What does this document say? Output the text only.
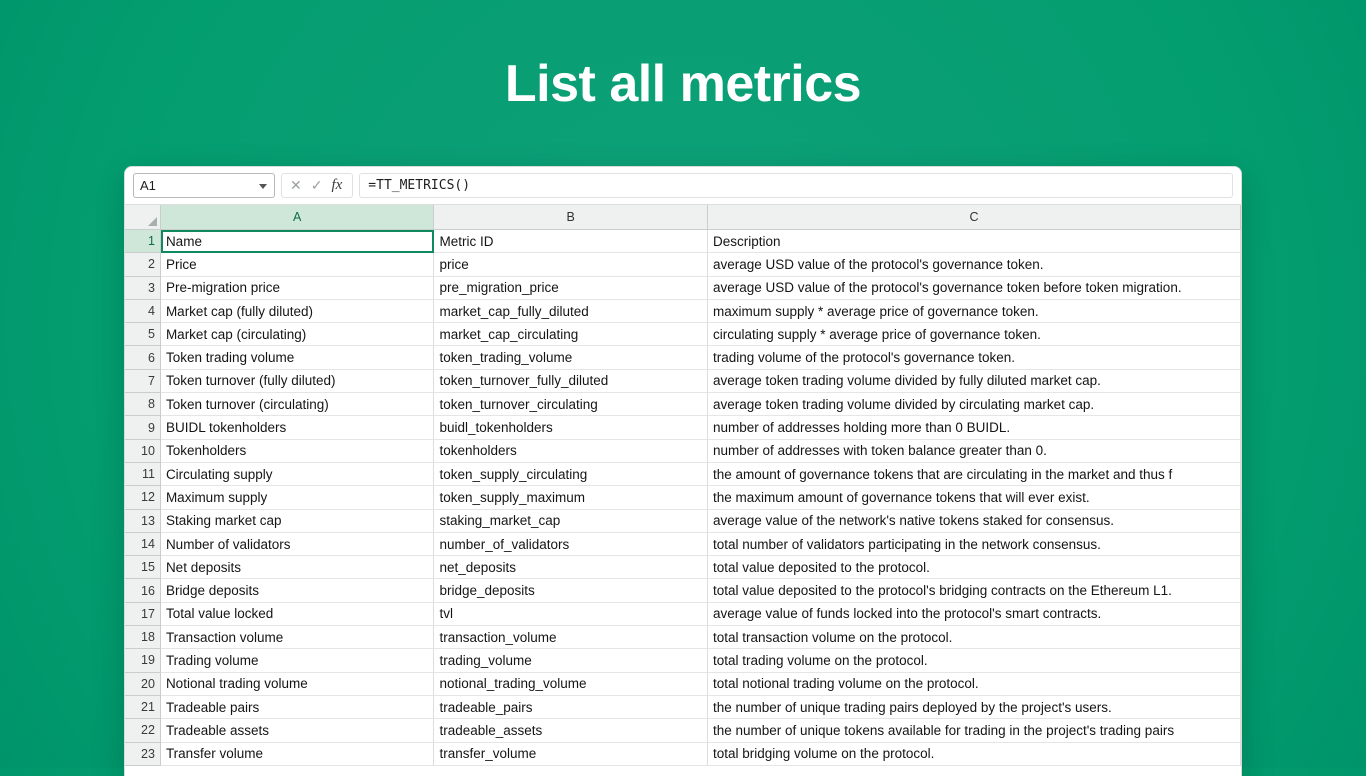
List all metrics
A1	✕ ✓ fx =TT_METRICS()
A	B	C
1 Name	Metric ID	Description
2 Price	price	average USD value of the protocol's governance token.
3 Pre-migration price	pre_migration_price	average USD value of the protocol's governance token before token migration.
4 Market cap (fully diluted)	market_cap_fully_diluted	maximum supply * average price of governance token.
5 Market cap (circulating)	market_cap_circulating	circulating supply * average price of governance token.
6 Token trading volume	token_trading_volume	trading volume of the protocol's governance token.
7 Token turnover (fully diluted)	token_turnover_fully_diluted	average token trading volume divided by fully diluted market cap.
8 Token turnover (circulating)	token_turnover_circulating	average token trading volume divided by circulating market cap.
9 BUIDL tokenholders	buidl_tokenholders	number of addresses holding more than 0 BUIDL.
10 Tokenholders	tokenholders	number of addresses with token balance greater than 0.
11 Circulating supply	token_supply_circulating	the amount of governance tokens that are circulating in the market and thus f
12 Maximum supply	token_supply_maximum	the maximum amount of governance tokens that will ever exist.
13 Staking market cap	staking_market_cap	average value of the network's native tokens staked for consensus.
14 Number of validators	number_of_validators	total number of validators participating in the network consensus.
15 Net deposits	net_deposits	total value deposited to the protocol.
16 Bridge deposits	bridge_deposits	total value deposited to the protocol's bridging contracts on the Ethereum L1.
17 Total value locked	tvl	average value of funds locked into the protocol's smart contracts.
18 Transaction volume	transaction_volume	total transaction volume on the protocol.
19 Trading volume	trading_volume	total trading volume on the protocol.
20 Notional trading volume	notional_trading_volume	total notional trading volume on the protocol.
21 Tradeable pairs	tradeable_pairs	the number of unique trading pairs deployed by the project's users.
22 Tradeable assets	tradeable_assets	the number of unique tokens available for trading in the project's trading pairs
23 Transfer volume	transfer_volume	total bridging volume on the protocol.
